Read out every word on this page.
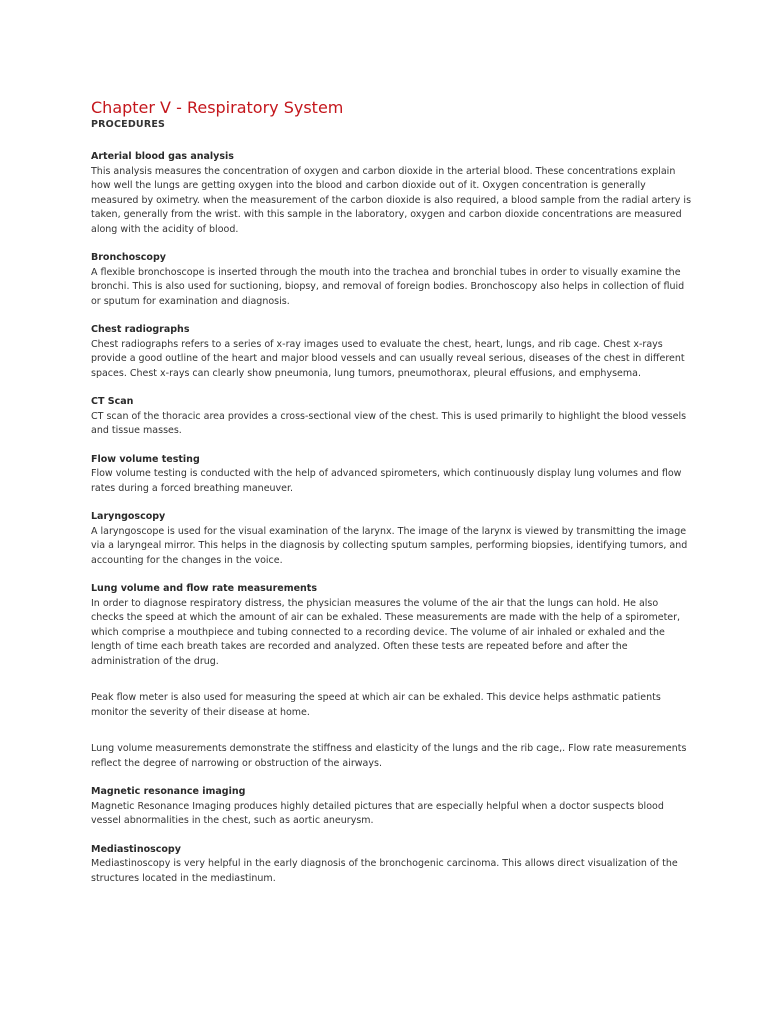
Chapter V - Respiratory System
PROCEDURES
Arterial blood gas analysis

This analysis measures the concentration of oxygen and carbon dioxide in the arterial blood. These concentrations explain how well the lungs are getting oxygen into the blood and carbon dioxide out of it. Oxygen concentration is generally measured by oximetry. when the measurement of the carbon dioxide is also required, a blood sample from the radial artery is taken, generally from the wrist. with this sample in the laboratory, oxygen and carbon dioxide concentrations are measured along with the acidity of blood.

Bronchoscopy

A flexible bronchoscope is inserted through the mouth into the trachea and bronchial tubes in order to visually examine the bronchi. This is also used for suctioning, biopsy, and removal of foreign bodies. Bronchoscopy also helps in collection of fluid or sputum for examination and diagnosis.

Chest radiographs

Chest radiographs refers to a series of x-ray images used to evaluate the chest, heart, lungs, and rib cage. Chest x-rays provide a good outline of the heart and major blood vessels and can usually reveal serious, diseases of the chest in different spaces. Chest x-rays can clearly show pneumonia, lung tumors, pneumothorax, pleural effusions, and emphysema.

CT Scan

CT scan of the thoracic area provides a cross-sectional view of the chest. This is used primarily to highlight the blood vessels and tissue masses.

Flow volume testing

Flow volume testing is conducted with the help of advanced spirometers, which continuously display lung volumes and flow rates during a forced breathing maneuver.

Laryngoscopy

A laryngoscope is used for the visual examination of the larynx. The image of the larynx is viewed by transmitting the image via a laryngeal mirror. This helps in the diagnosis by collecting sputum samples, performing biopsies, identifying tumors, and accounting for the changes in the voice.

Lung volume and flow rate measurements

In order to diagnose respiratory distress, the physician measures the volume of the air that the lungs can hold. He also checks the speed at which the amount of air can be exhaled. These measurements are made with the help of a spirometer, which comprise a mouthpiece and tubing connected to a recording device. The volume of air inhaled or exhaled and the length of time each breath takes are recorded and analyzed. Often these tests are repeated before and after the administration of the drug.

Peak flow meter is also used for measuring the speed at which air can be exhaled. This device helps asthmatic patients monitor the severity of their disease at home.

Lung volume measurements demonstrate the stiffness and elasticity of the lungs and the rib cage,. Flow rate measurements reflect the degree of narrowing or obstruction of the airways.

Magnetic resonance imaging

Magnetic Resonance Imaging produces highly detailed pictures that are especially helpful when a doctor suspects blood vessel abnormalities in the chest, such as aortic aneurysm.

Mediastinoscopy

Mediastinoscopy is very helpful in the early diagnosis of the bronchogenic carcinoma. This allows direct visualization of the structures located in the mediastinum.
